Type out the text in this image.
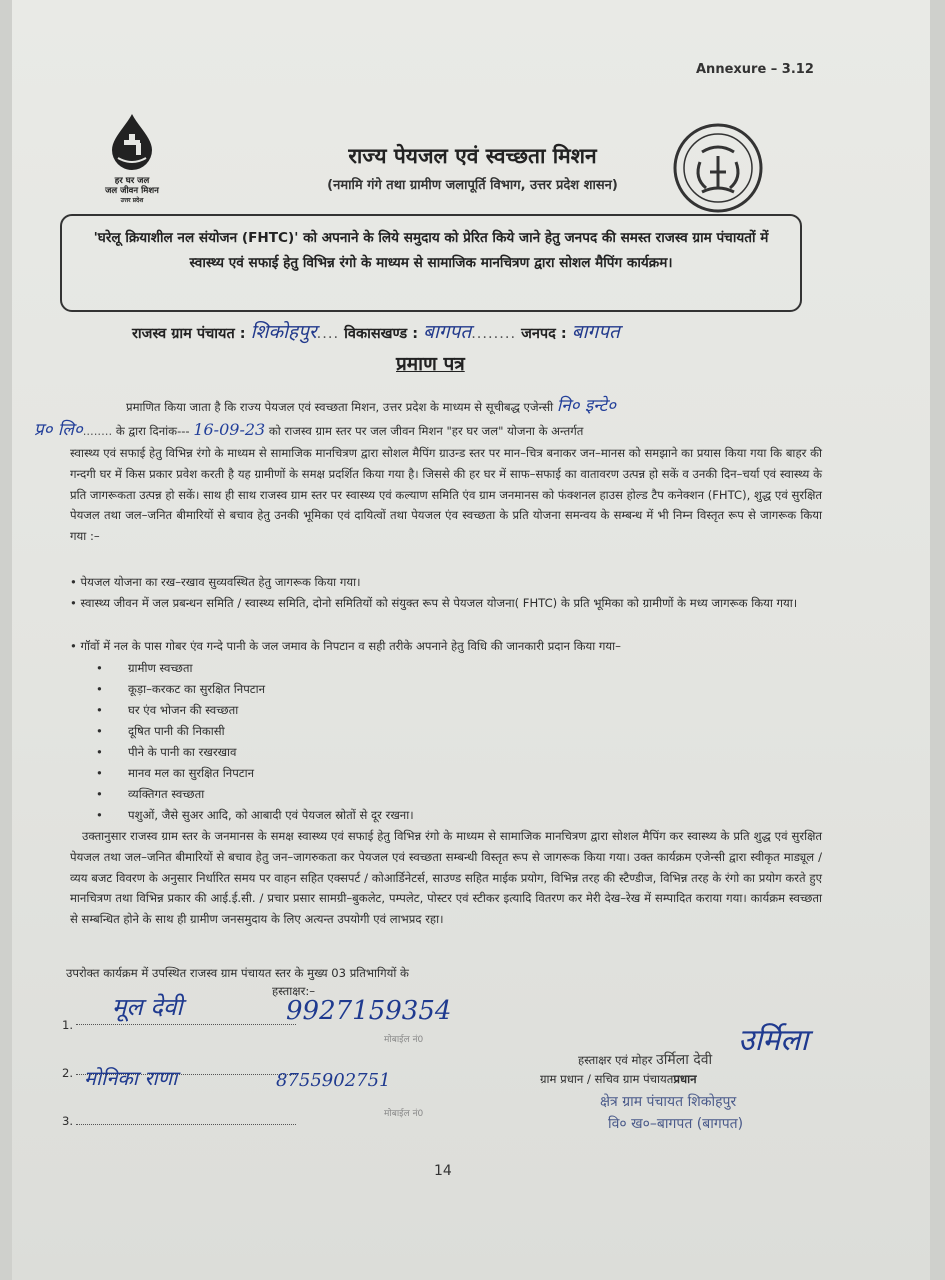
Annexure – 3.12
हर घर जल
जल जीवन मिशन
उत्तर प्रदेश
राज्य पेयजल एवं स्वच्छता मिशन
(नमामि गंगे तथा ग्रामीण जलापूर्ति विभाग, उत्तर प्रदेश शासन)
'घरेलू क्रियाशील नल संयोजन (FHTC)' को अपनाने के लिये समुदाय को प्रेरित किये जाने हेतु जनपद की समस्त राजस्व ग्राम पंचायतों में स्वास्थ्य एवं सफाई हेतु विभिन्न रंगो के माध्यम से सामाजिक मानचित्रण द्वारा सोशल मैपिंग कार्यक्रम।
राजस्व ग्राम पंचायत : शिकोहपुर.... विकासखण्ड : बागपत........ जनपद : बागपत
प्रमाण पत्र
प्रमाणित किया जाता है कि राज्य पेयजल एवं स्वच्छता मिशन, उत्तर प्रदेश के माध्यम से सूचीबद्ध एजेन्सी नि० इन्टे०
प्र० लि०........ के द्वारा दिनांक--- 16-09-23 को राजस्व ग्राम स्तर पर जल जीवन मिशन "हर घर जल" योजना के अन्तर्गत
स्वास्थ्य एवं सफाई हेतु विभिन्न रंगो के माध्यम से सामाजिक मानचित्रण द्वारा सोशल मैपिंग ग्राउन्ड स्तर पर मान–चित्र बनाकर जन–मानस को समझाने का प्रयास किया गया कि बाहर की गन्दगी घर में किस प्रकार प्रवेश करती है यह ग्रामीणों के समक्ष प्रदर्शित किया गया है। जिससे की हर घर में साफ–सफाई का वातावरण उत्पन्न हो सकें व उनकी दिन–चर्या एवं स्वास्थ्य के प्रति जागरूकता उत्पन्न हो सकें। साथ ही साथ राजस्व ग्राम स्तर पर स्वास्थ्य एवं कल्याण समिति एंव ग्राम जनमानस को फंक्शनल हाउस होल्ड टैप कनेक्शन (FHTC), शुद्ध एवं सुरक्षित पेयजल तथा जल–जनित बीमारियों से बचाव हेतु उनकी भूमिका एवं दायित्वों तथा पेयजल एंव स्वच्छता के प्रति योजना समन्वय के सम्बन्ध में भी निम्न विस्तृत रूप से जागरूक किया गया :–
• पेयजल योजना का रख–रखाव सुव्यवस्थित हेतु जागरूक किया गया।
• स्वास्थ्य जीवन में जल प्रबन्धन समिति / स्वास्थ्य समिति, दोनो समितियों को संयुक्त रूप से पेयजल योजना( FHTC) के प्रति भूमिका को ग्रामीणों के मध्य जागरूक किया गया।
• गॉवों में नल के पास गोबर एंव गन्दे पानी के जल जमाव के निपटान व सही तरीके अपनाने हेतु विधि की जानकारी प्रदान किया गया–
• ग्रामीण स्वच्छता
• कूड़ा–करकट का सुरक्षित निपटान
• घर एंव भोजन की स्वच्छता
• दूषित पानी की निकासी
• पीने के पानी का रखरखाव
• मानव मल का सुरक्षित निपटान
• व्यक्तिगत स्वच्छता
• पशुओं, जैसे सुअर आदि, को आबादी एवं पेयजल स्रोतों से दूर रखना।
उक्तानुसार राजस्व ग्राम स्तर के जनमानस के समक्ष स्वास्थ्य एवं सफाई हेतु विभिन्न रंगो के माध्यम से सामाजिक मानचित्रण द्वारा सोशल मैपिंग कर स्वास्थ्य के प्रति शुद्ध एवं सुरक्षित पेयजल तथा जल–जनित बीमारियों से बचाव हेतु जन–जागरुकता कर पेयजल एवं स्वच्छता सम्बन्धी विस्तृत रूप से जागरूक किया गया। उक्त कार्यक्रम एजेन्सी द्वारा स्वीकृत माड्यूल / व्यय बजट विवरण के अनुसार निर्धारित समय पर वाहन सहित एक्सपर्ट / कोआर्डिनेटर्स, साउण्ड सहित माईक प्रयोग, विभिन्न तरह की स्टैण्डीज, विभिन्न तरह के रंगो का प्रयोग करते हुए मानचित्रण तथा विभिन्न प्रकार की आई.ई.सी. / प्रचार प्रसार सामग्री–बुकलेट, पम्पलेट, पोस्टर एवं स्टीकर इत्यादि वितरण कर मेरी देख–रेख में सम्पादित कराया गया। कार्यक्रम स्वच्छता से सम्बन्धित होने के साथ ही ग्रामीण जनसमुदाय के लिए अत्यन्त उपयोगी एवं लाभप्रद रहा।
उपरोक्त कार्यक्रम में उपस्थित राजस्व ग्राम पंचायत स्तर के मुख्य 03 प्रतिभागियों के
हस्ताक्षर:–
1.
मूल देवी	9927159354
मोबाईल नं0
2. मोनिका राणा	8755902751
मोबाईल नं0
3.
उर्मिला
हस्ताक्षर एवं मोहर उर्मिला देवी
ग्राम प्रधान / सचिव ग्राम पंचायतप्रधान
क्षेत्र ग्राम पंचायत शिकोहपुर
वि० ख०–बागपत (बागपत)
14
